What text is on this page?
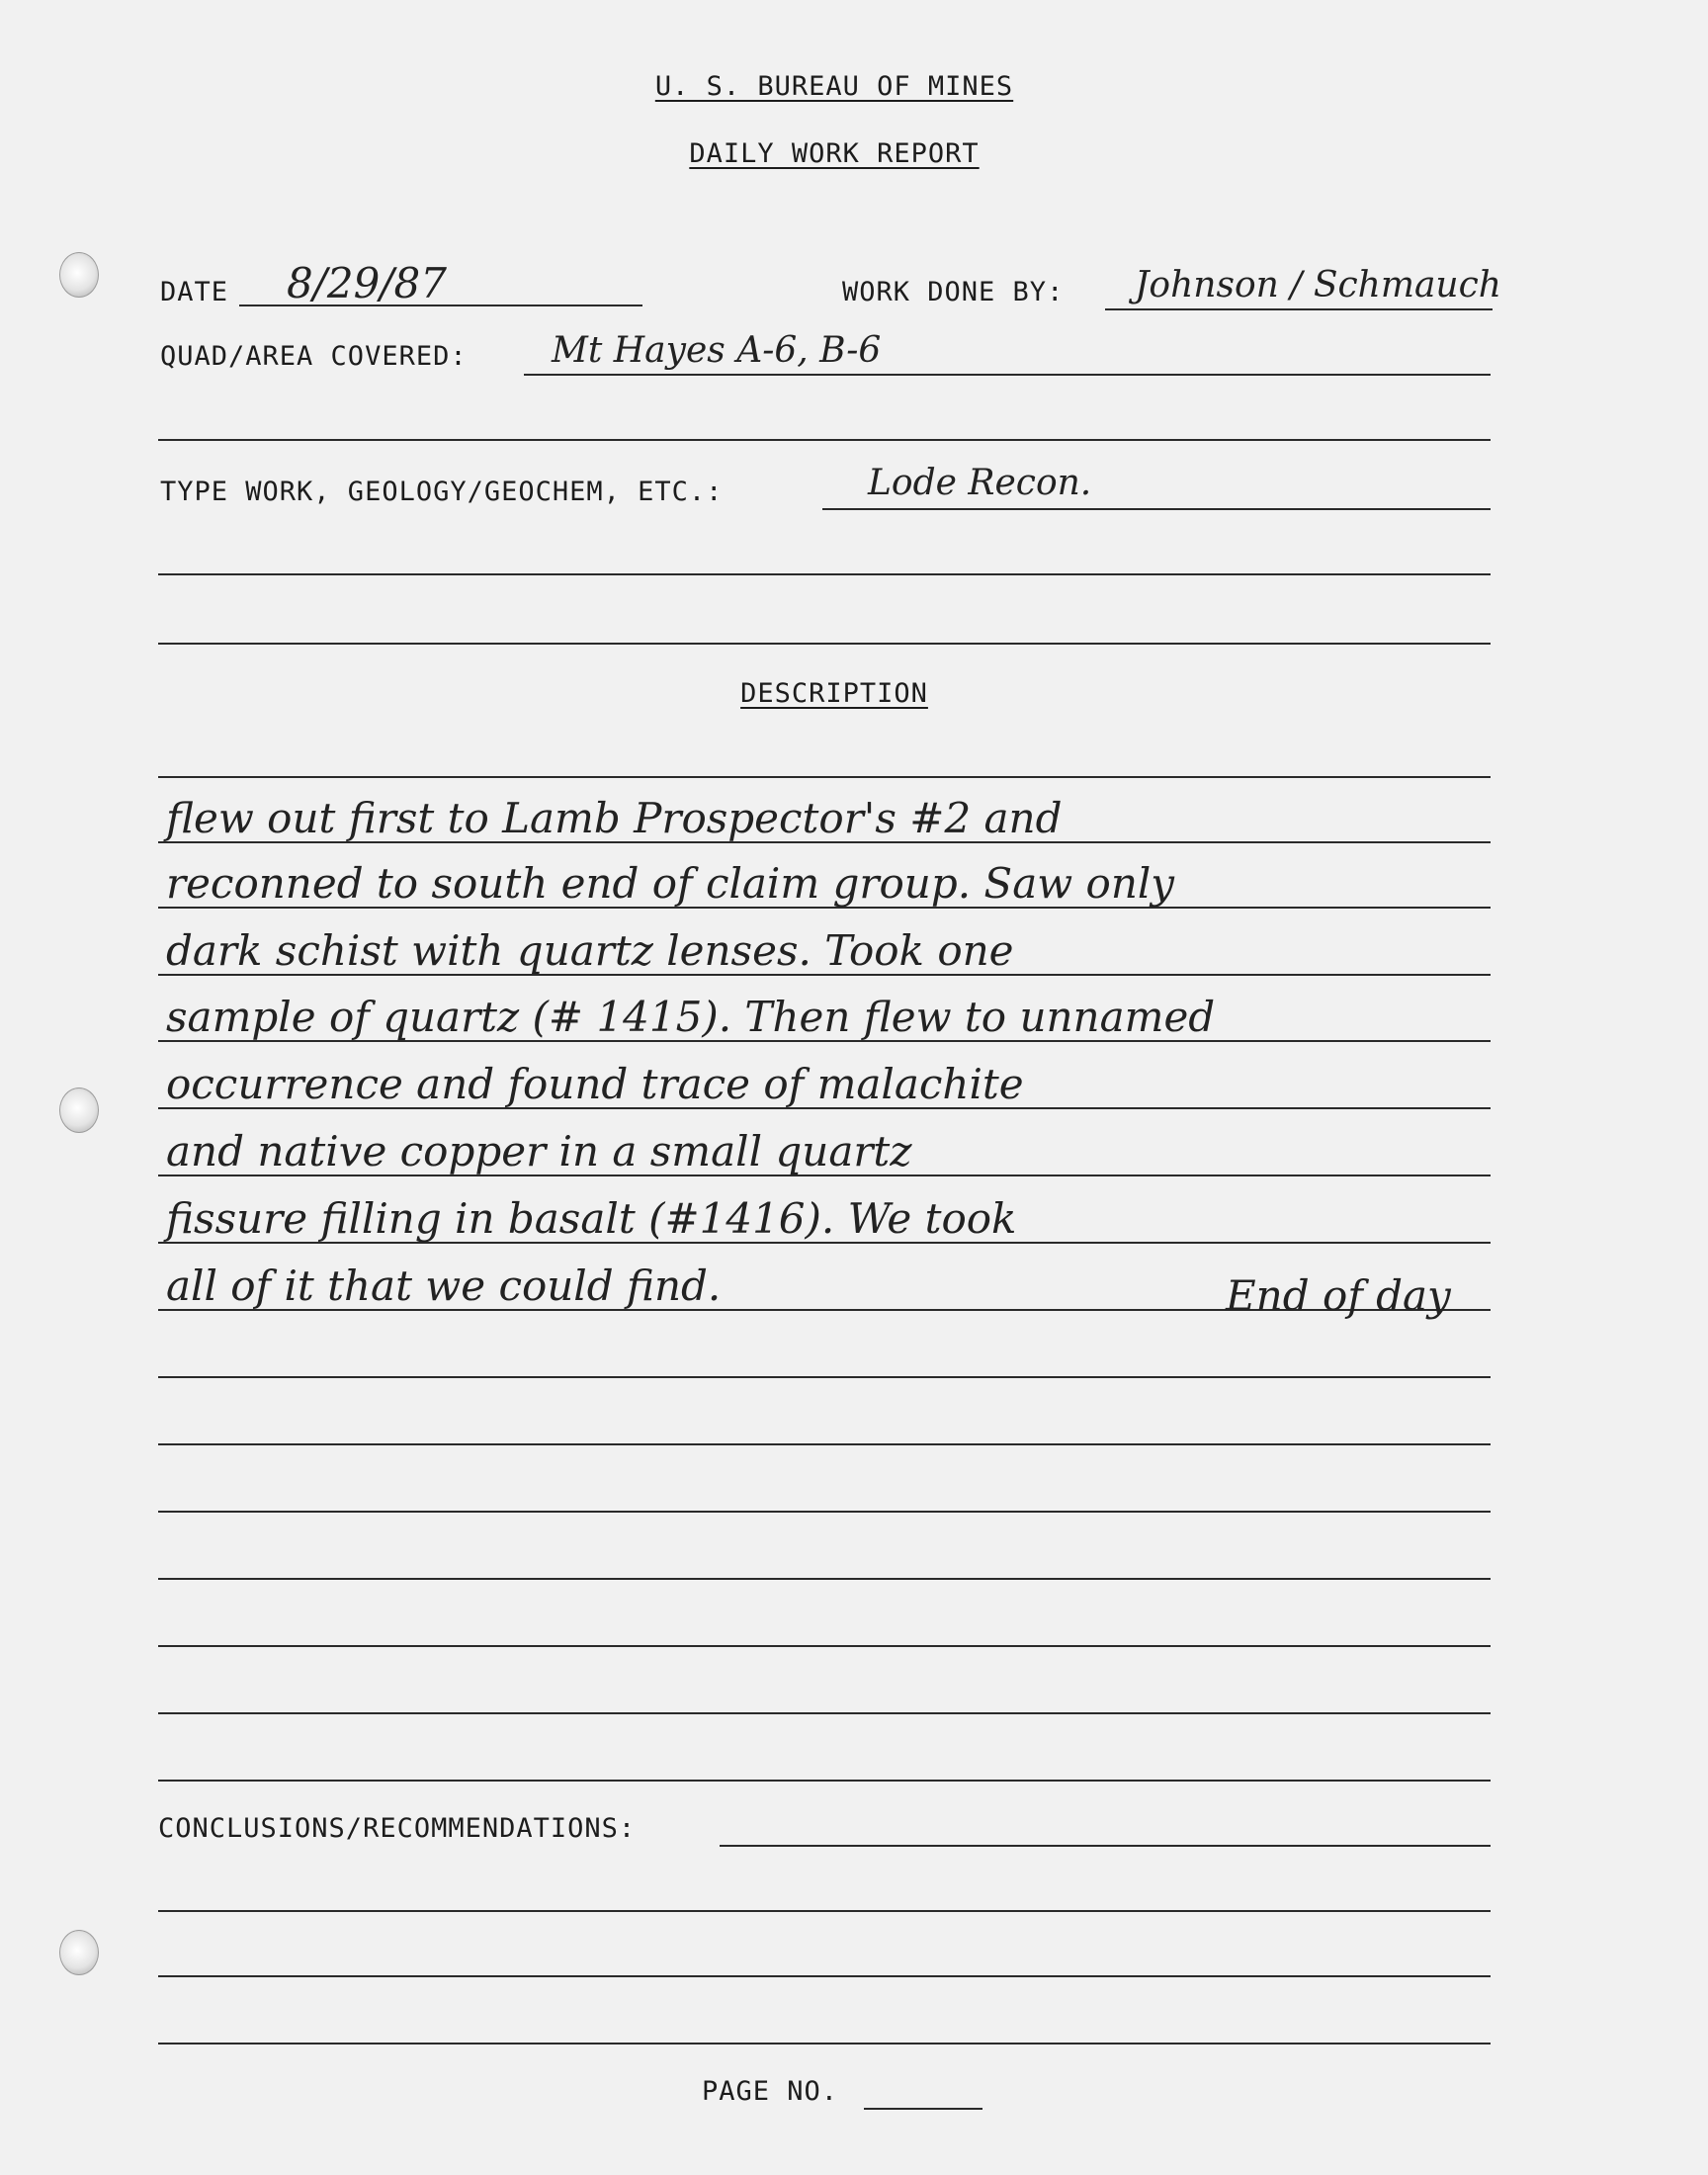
U. S. BUREAU OF MINES
DAILY WORK REPORT
DATE 8/29/87	WORK DONE BY: Johnson / Schmauch
QUAD/AREA COVERED: Mt Hayes A-6, B-6
TYPE WORK, GEOLOGY/GEOCHEM, ETC.:	Lode Recon.
DESCRIPTION
flew out first to Lamb Prospector's #2 and
reconned to south end of claim group. Saw only
dark schist with quartz lenses. Took one
sample of quartz (# 1415). Then flew to unnamed
occurrence and found trace of malachite
and native copper in a small quartz
fissure filling in basalt (#1416). We took
all of it that we could find.	End of day
CONCLUSIONS/RECOMMENDATIONS:
PAGE NO.
